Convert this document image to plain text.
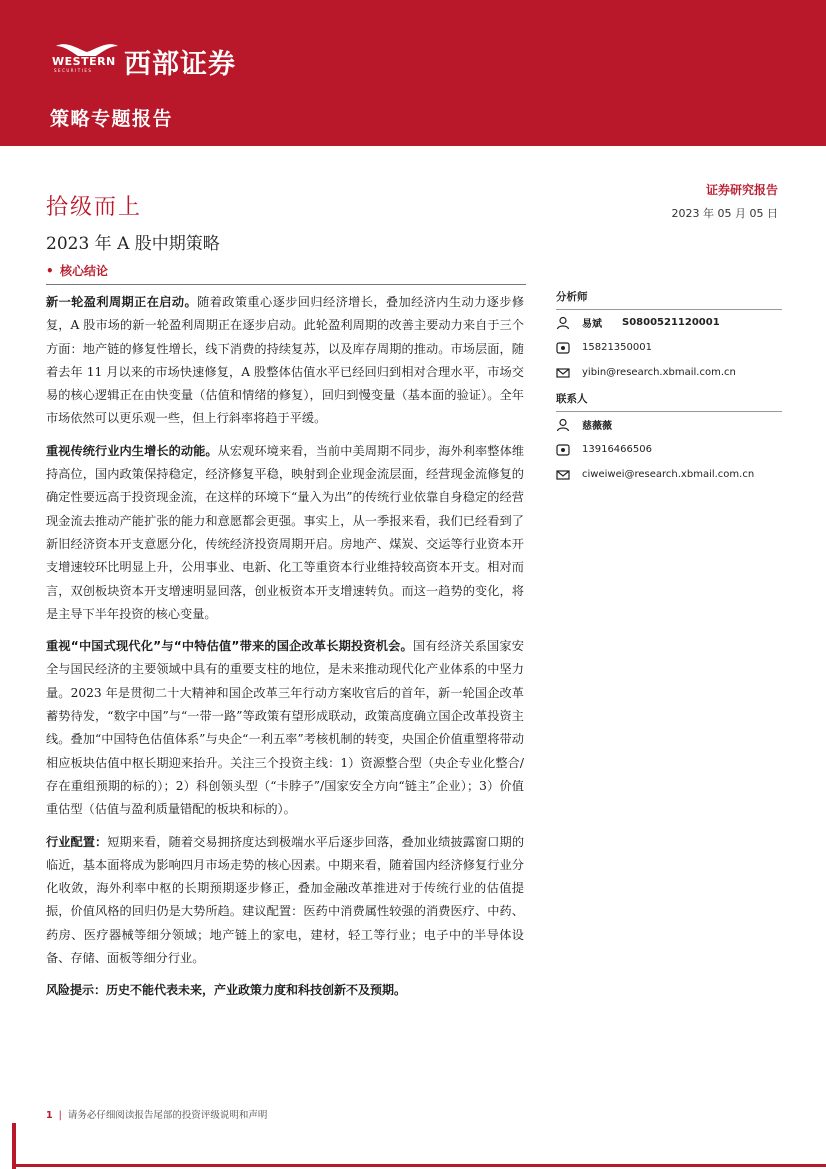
WESTERN
SECURITIES 西部证券
策略专题报告
拾级而上
2023 年 A 股中期策略
证券研究报告
2023 年 05 月 05 日
• 核心结论

新一轮盈利周期正在启动。随着政策重心逐步回归经济增长，叠加经济内生动力逐步修复，A 股市场的新一轮盈利周期正在逐步启动。此轮盈利周期的改善主要动力来自于三个方面：地产链的修复性增长，线下消费的持续复苏，以及库存周期的推动。市场层面，随着去年 11 月以来的市场快速修复，A 股整体估值水平已经回归到相对合理水平，市场交易的核心逻辑正在由快变量（估值和情绪的修复），回归到慢变量（基本面的验证）。全年市场依然可以更乐观一些，但上行斜率将趋于平缓。

重视传统行业内生增长的动能。从宏观环境来看，当前中美周期不同步，海外利率整体维持高位，国内政策保持稳定，经济修复平稳，映射到企业现金流层面，经营现金流修复的确定性要远高于投资现金流，在这样的环境下“量入为出”的传统行业依靠自身稳定的经营现金流去推动产能扩张的能力和意愿都会更强。事实上，从一季报来看，我们已经看到了新旧经济资本开支意愿分化，传统经济投资周期开启。房地产、煤炭、交运等行业资本开支增速较环比明显上升，公用事业、电新、化工等重资本行业维持较高资本开支。相对而言，双创板块资本开支增速明显回落，创业板资本开支增速转负。而这一趋势的变化，将是主导下半年投资的核心变量。

重视“中国式现代化”与“中特估值”带来的国企改革长期投资机会。国有经济关系国家安全与国民经济的主要领域中具有的重要支柱的地位，是未来推动现代化产业体系的中坚力量。2023 年是贯彻二十大精神和国企改革三年行动方案收官后的首年，新一轮国企改革蓄势待发，“数字中国”与“一带一路”等政策有望形成联动，政策高度确立国企改革投资主线。叠加“中国特色估值体系”与央企“一利五率”考核机制的转变，央国企价值重塑将带动相应板块估值中枢长期迎来抬升。关注三个投资主线：1）资源整合型（央企专业化整合/存在重组预期的标的）；2）科创领头型（“卡脖子”/国家安全方向“链主”企业）；3）价值重估型（估值与盈利质量错配的板块和标的）。

行业配置：短期来看，随着交易拥挤度达到极端水平后逐步回落，叠加业绩披露窗口期的临近，基本面将成为影响四月市场走势的核心因素。中期来看，随着国内经济修复行业分化收敛，海外利率中枢的长期预期逐步修正，叠加金融改革推进对于传统行业的估值提振，价值风格的回归仍是大势所趋。建议配置：医药中消费属性较强的消费医疗、中药、药房、医疗器械等细分领域；地产链上的家电，建材，轻工等行业；电子中的半导体设备、存储、面板等细分行业。

风险提示：历史不能代表未来，产业政策力度和科技创新不及预期。
分析师
易斌 S0800521120001
15821350001
yibin@research.xbmail.com.cn
联系人
慈薇薇
13916466506
ciweiwei@research.xbmail.com.cn
1 | 请务必仔细阅读报告尾部的投资评级说明和声明
